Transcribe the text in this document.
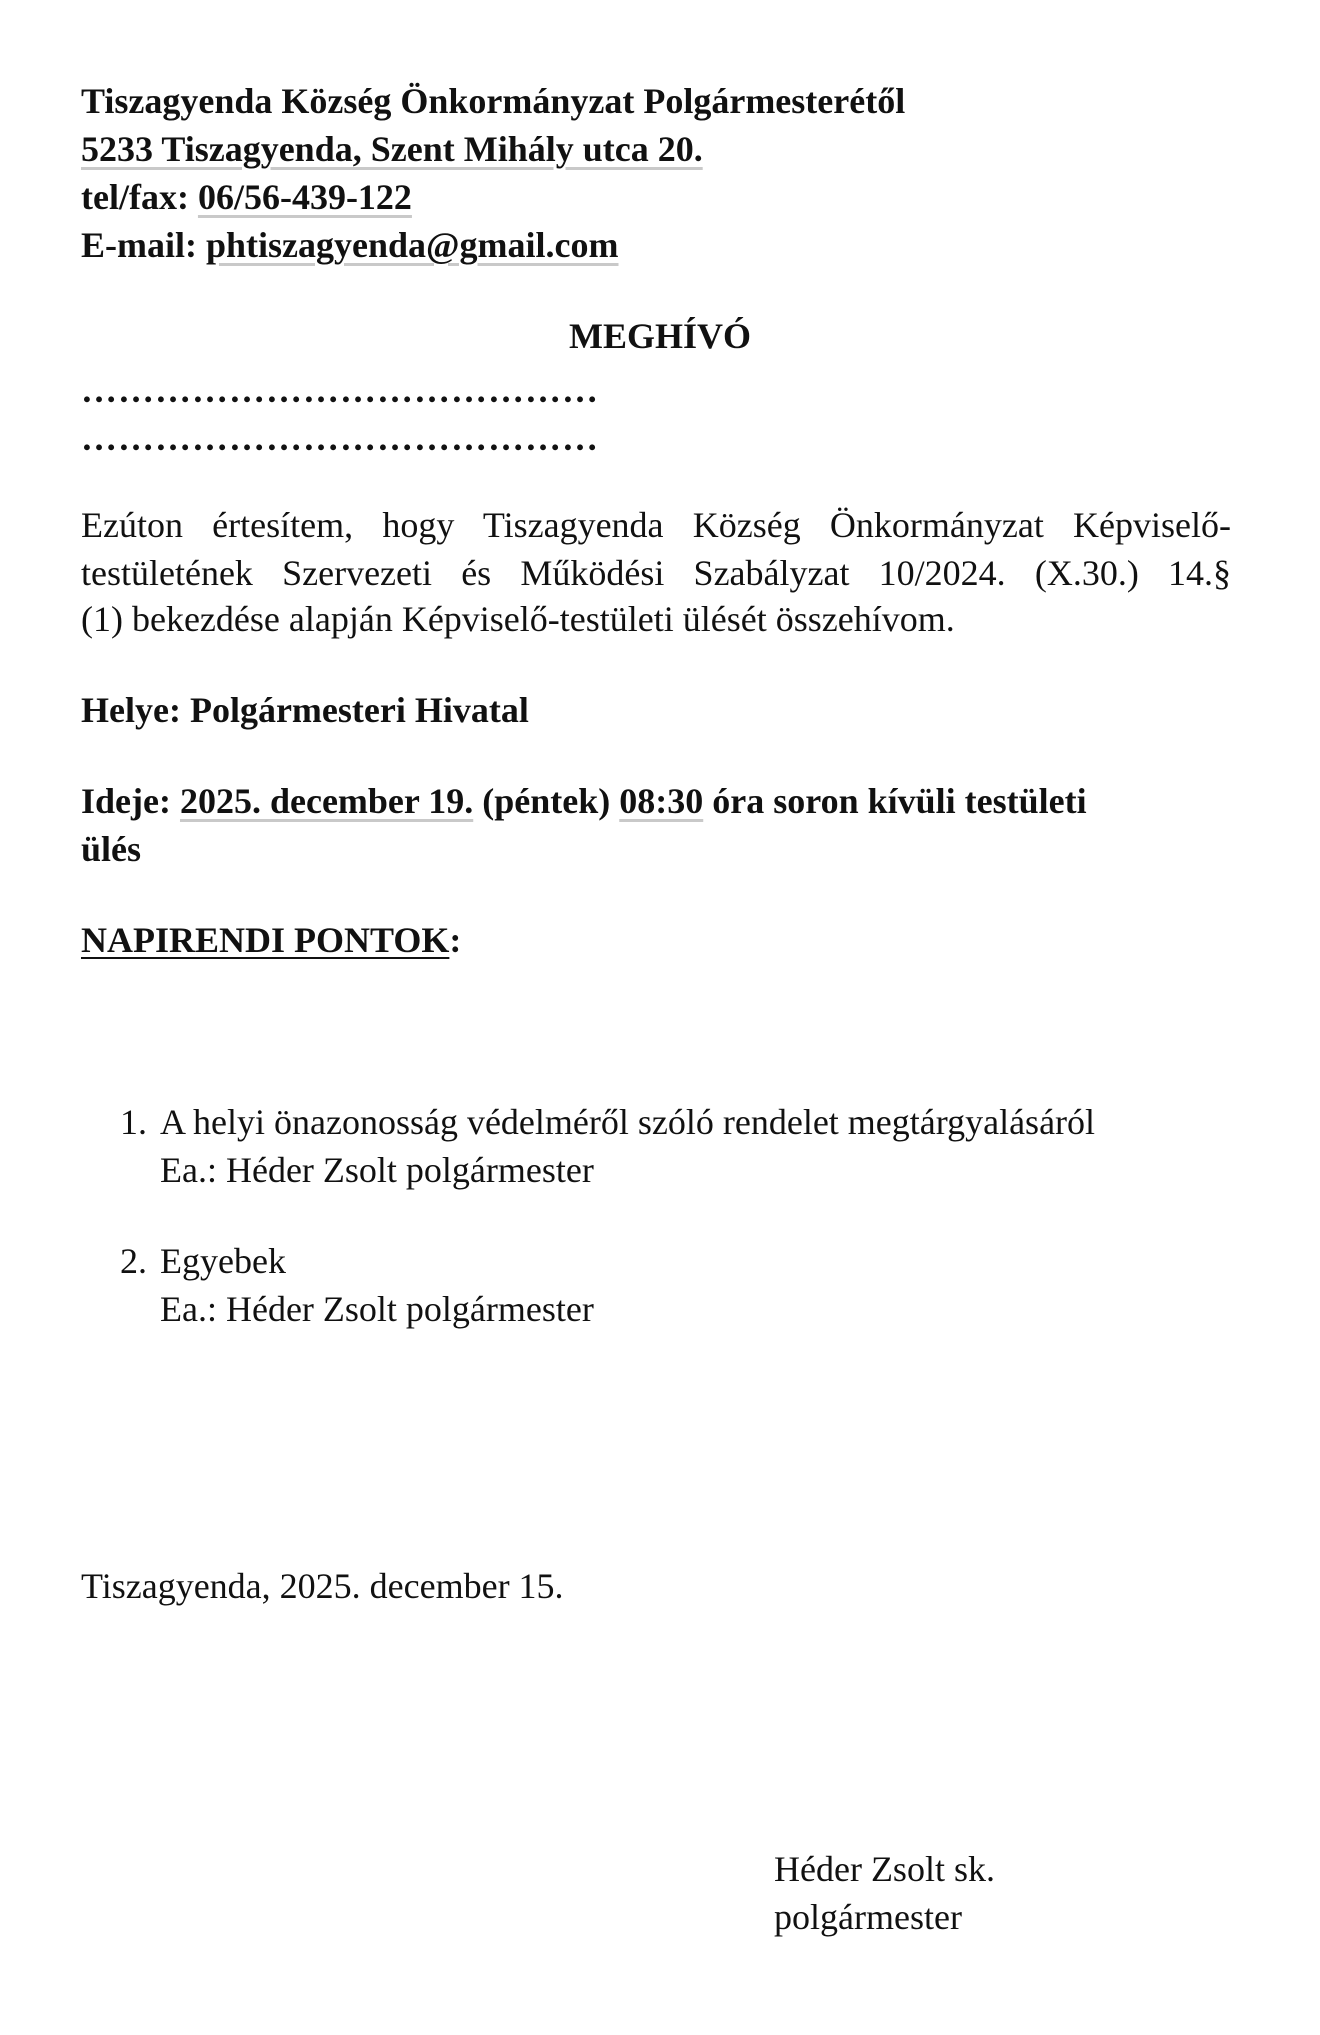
Tiszagyenda Község Önkormányzat Polgármesterétől
5233 Tiszagyenda, Szent Mihály utca 20.
tel/fax: 06/56-439-122
E-mail: phtiszagyenda@gmail.com
MEGHÍVÓ
……………………………………
……………………………………
Ezúton értesítem, hogy Tiszagyenda Község Önkormányzat Képviselő-
testületének Szervezeti és Működési Szabályzat 10/2024. (X.30.) 14.§
(1) bekezdése alapján Képviselő-testületi ülését összehívom.
Helye: Polgármesteri Hivatal
Ideje: 2025. december 19. (péntek) 08:30 óra soron kívüli testületi
ülés
NAPIRENDI PONTOK:
1. A helyi önazonosság védelméről szóló rendelet megtárgyalásáról
Ea.: Héder Zsolt polgármester
2. Egyebek
Ea.: Héder Zsolt polgármester
Tiszagyenda, 2025. december 15.
Héder Zsolt sk.
polgármester
